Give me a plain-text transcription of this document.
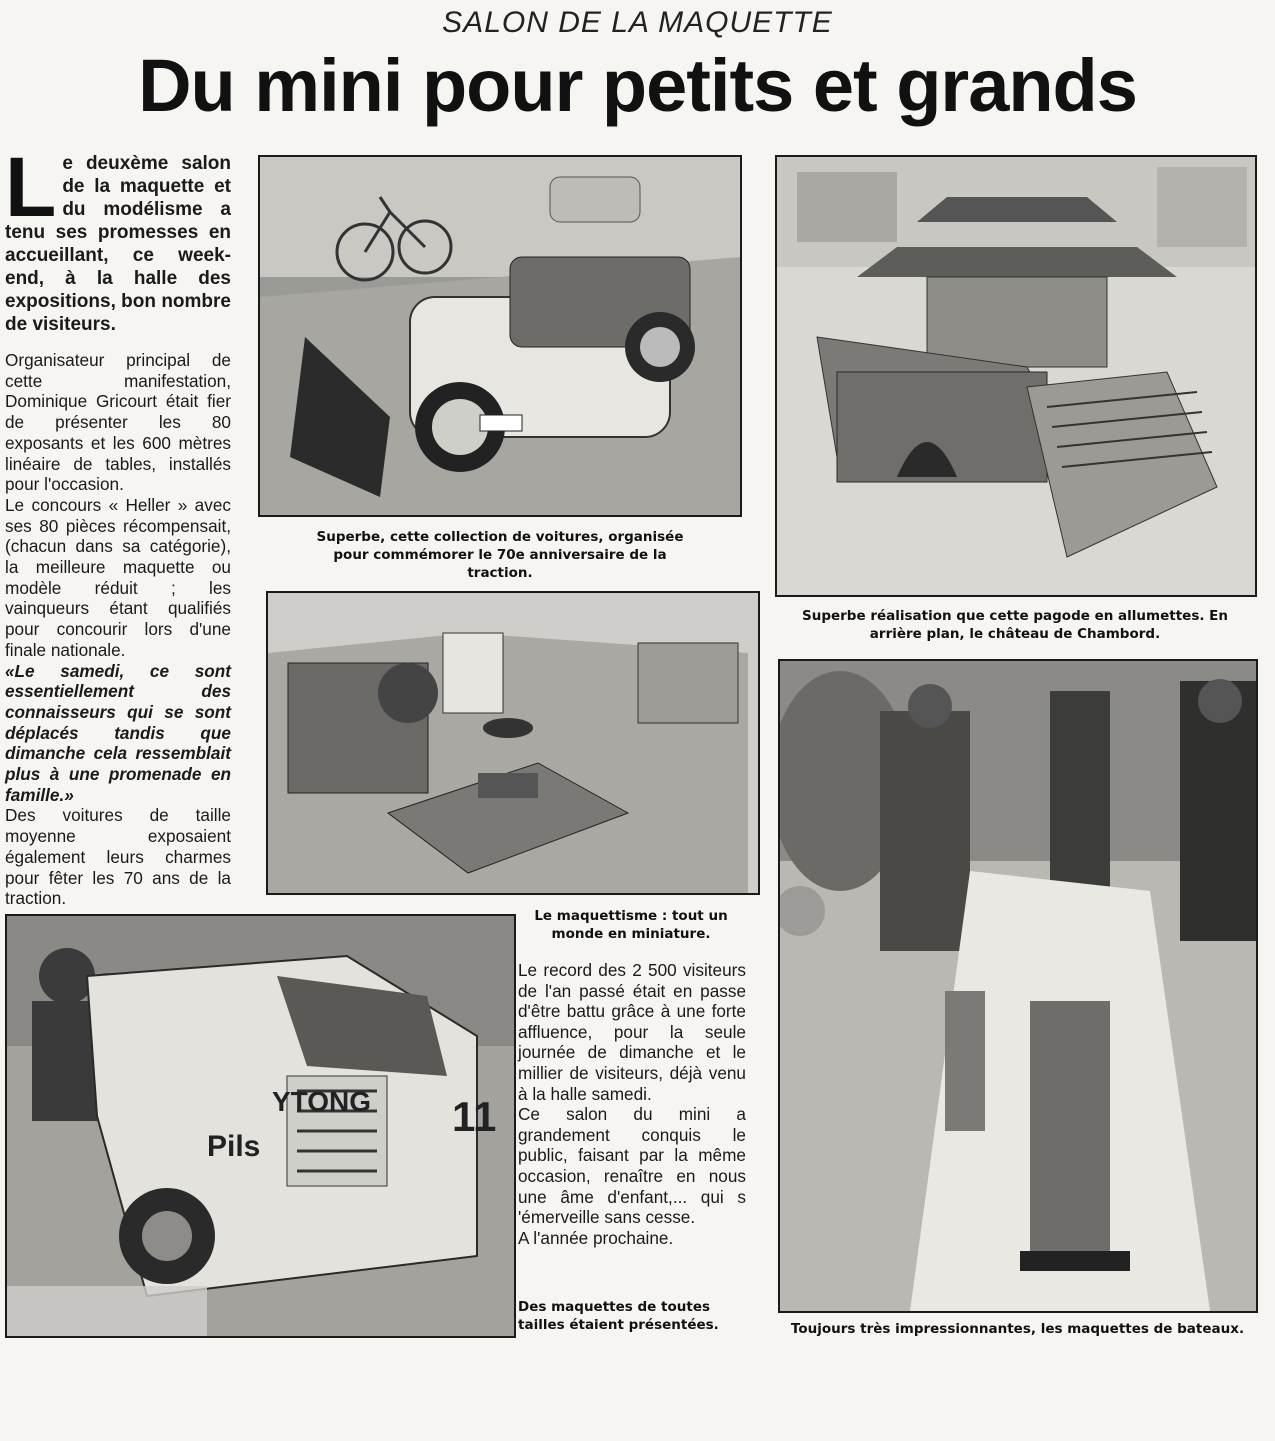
SALON DE LA MAQUETTE
Du mini pour petits et grands

Le deuxème salon de la maquette et du modélisme a tenu ses promesses en accueillant, ce week-end, à la halle des expositions, bon nombre de visiteurs.

Organisateur principal de cette manifestation, Dominique Gricourt était fier de présenter les 80 exposants et les 600 mètres linéaire de tables, installés pour l'occasion.

Le concours « Heller » avec ses 80 pièces récompensait, (chacun dans sa catégorie), la meilleure maquette ou modèle réduit ; les vainqueurs étant qualifiés pour concourir lors d'une finale nationale.

«Le samedi, ce sont essentiellement des connaisseurs qui se sont déplacés tandis que dimanche cela ressemblait plus à une promenade en famille.»

Des voitures de taille moyenne exposaient également leurs charmes pour fêter les 70 ans de la traction.

Superbe, cette collection de voitures, organisée pour commémorer le 70e anniversaire de la traction.
Superbe réalisation que cette pagode en allumettes. En arrière plan, le château de Chambord.
Le maquettisme : tout un monde en miniature.
YTONG
Pils
11

Le record des 2 500 visiteurs de l'an passé était en passe d'être battu grâce à une forte affluence, pour la seule journée de dimanche et le millier de visiteurs, déjà venu à la halle samedi.

Ce salon du mini a grandement conquis le public, faisant par la même occasion, renaître en nous une âme d'enfant,... qui s 'émerveille sans cesse.

A l'année prochaine.

Des maquettes de toutes tailles étaient présentées.	Toujours très impressionnantes, les maquettes de bateaux.
